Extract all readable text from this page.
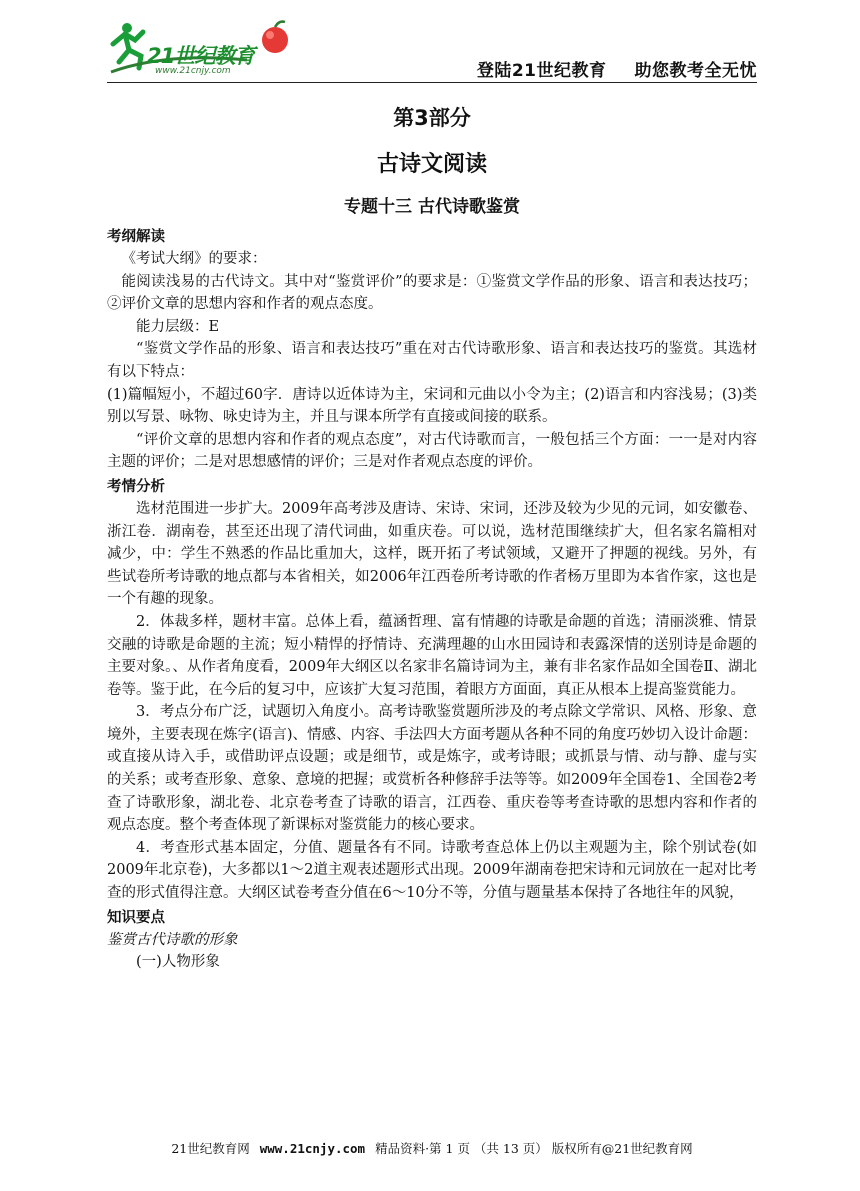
21世纪教育
www.21cnjy.com	登陆21世纪教育 助您教考全无忧
第3部分
古诗文阅读
专题十三 古代诗歌鉴赏
考纲解读

《考试大纲》的要求：

能阅读浅易的古代诗文。其中对“鉴赏评价”的要求是：①鉴赏文学作品的形象、语言和表达技巧；②评价文章的思想内容和作者的观点态度。

能力层级：E

“鉴赏文学作品的形象、语言和表达技巧”重在对古代诗歌形象、语言和表达技巧的鉴赏。其选材有以下特点：

(1)篇幅短小，不超过60字．唐诗以近体诗为主，宋词和元曲以小令为主；(2)语言和内容浅易；(3)类别以写景、咏物、咏史诗为主，并且与课本所学有直接或间接的联系。

“评价文章的思想内容和作者的观点态度”，对古代诗歌而言，一般包括三个方面：一一是对内容主题的评价；二是对思想感情的评价；三是对作者观点态度的评价。

考情分析

选材范围进一步扩大。2009年高考涉及唐诗、宋诗、宋词，还涉及较为少见的元词，如安徽卷、浙江卷．湖南卷，甚至还出现了清代词曲，如重庆卷。可以说，选材范围继续扩大，但名家名篇相对减少，中：学生不熟悉的作品比重加大，这样，既开拓了考试领域，又避开了押题的视线。另外，有些试卷所考诗歌的地点都与本省相关，如2006年江西卷所考诗歌的作者杨万里即为本省作家，这也是一个有趣的现象。

2．体裁多样，题材丰富。总体上看，蕴涵哲理、富有情趣的诗歌是命题的首选；清丽淡雅、情景交融的诗歌是命题的主流；短小精悍的抒情诗、充满理趣的山水田园诗和表露深情的送别诗是命题的主要对象。、从作者角度看，2009年大纲区以名家非名篇诗词为主，兼有非名家作品如全国卷Ⅱ、湖北卷等。鉴于此，在今后的复习中，应该扩大复习范围，着眼方方面面，真正从根本上提高鉴赏能力。

3．考点分布广泛，试题切入角度小。高考诗歌鉴赏题所涉及的考点除文学常识、风格、形象、意境外，主要表现在炼字(语言)、情感、内容、手法四大方面考题从各种不同的角度巧妙切入设计命题：或直接从诗入手，或借助评点设题；或是细节，或是炼字，或考诗眼；或抓景与情、动与静、虚与实的关系；或考查形象、意象、意境的把握；或赏析各种修辞手法等等。如2009年全国卷1、全国卷2考查了诗歌形象，湖北卷、北京卷考查了诗歌的语言，江西卷、重庆卷等考查诗歌的思想内容和作者的观点态度。整个考查体现了新课标对鉴赏能力的核心要求。

4．考查形式基本固定，分值、题量各有不同。诗歌考查总体上仍以主观题为主，除个别试卷(如2009年北京卷)，大多都以1～2道主观表述题形式出现。2009年湖南卷把宋诗和元词放在一起对比考查的形式值得注意。大纲区试卷考查分值在6～10分不等，分值与题量基本保持了各地往年的风貌，

知识要点
鉴赏古代诗歌的形象

(一)人物形象

21世纪教育网 www.21cnjy.com 精品资料·第 1 页 （共 13 页） 版权所有@21世纪教育网
